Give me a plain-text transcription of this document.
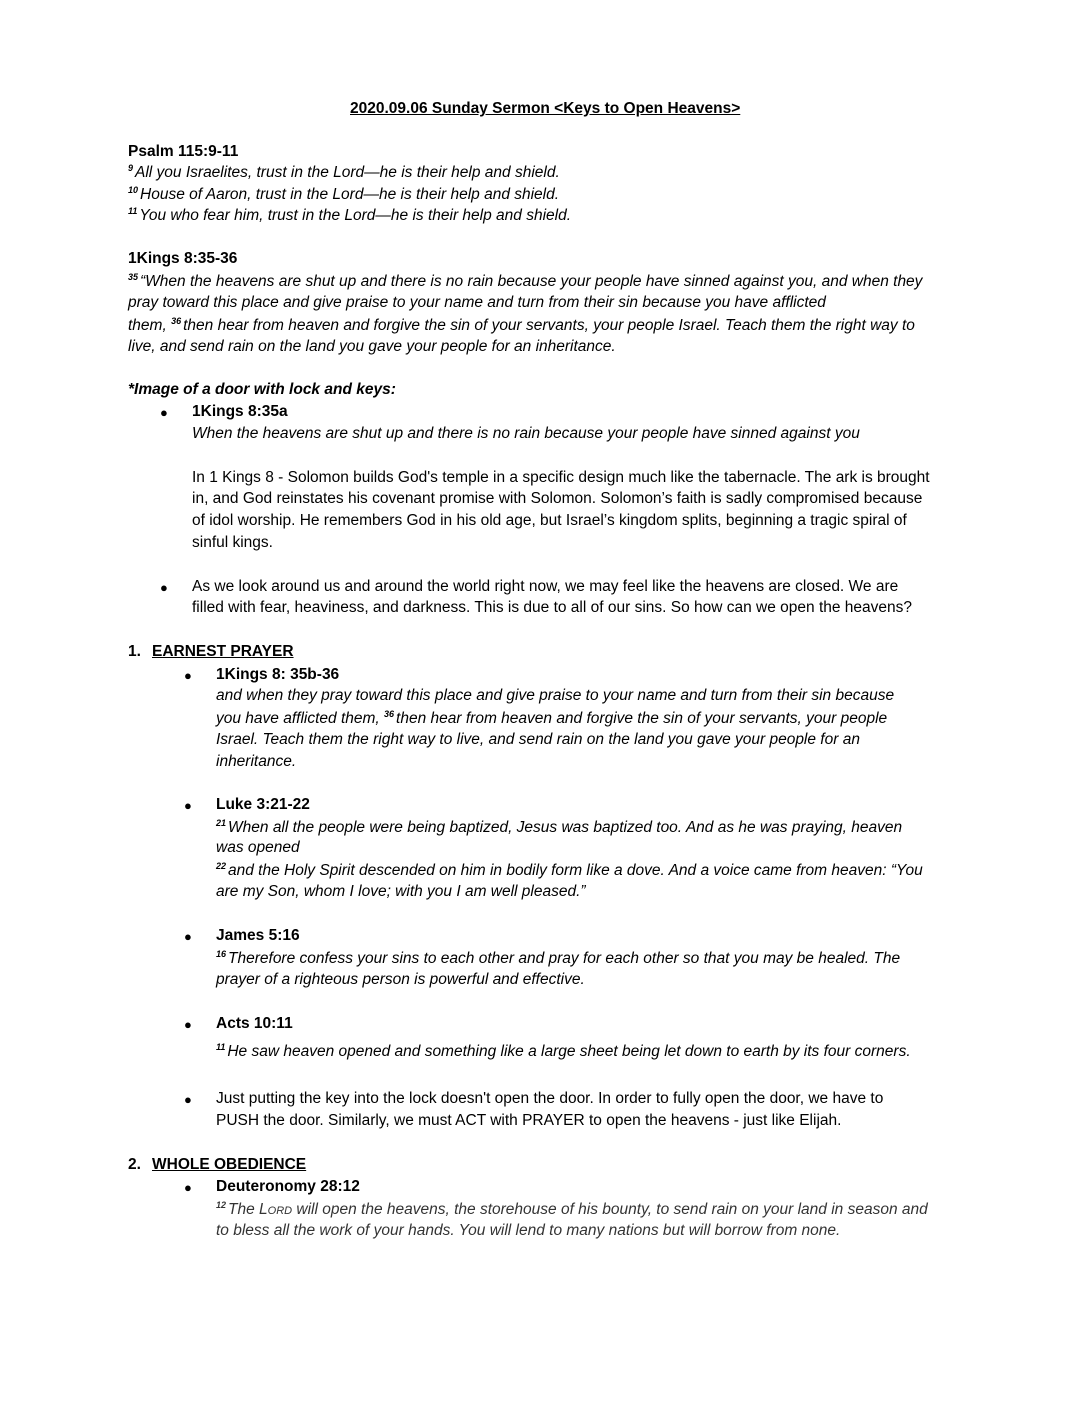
2020.09.06 Sunday Sermon <Keys to Open Heavens>
Psalm 115:9-11
$^9$ All you Israelites, trust in the Lord—he is their help and shield.
$^{10}$ House of Aaron, trust in the Lord—he is their help and shield.
$^{11}$ You who fear him, trust in the Lord—he is their help and shield.
1Kings 8:35-36
$^{35}$ “When the heavens are shut up and there is no rain because your people have sinned against you, and when they
pray toward this place and give praise to your name and turn from their sin because you have afflicted
them, $^{36}$ then hear from heaven and forgive the sin of your servants, your people Israel. Teach them the right way to
live, and send rain on the land you gave your people for an inheritance.
*Image of a door with lock and keys:
● 1Kings 8:35a
When the heavens are shut up and there is no rain because your people have sinned against you
In 1 Kings 8 - Solomon builds God's temple in a specific design much like the tabernacle. The ark is brought
in, and God reinstates his covenant promise with Solomon. Solomon’s faith is sadly compromised because
of idol worship. He remembers God in his old age, but Israel’s kingdom splits, beginning a tragic spiral of
sinful kings.
● As we look around us and around the world right now, we may feel like the heavens are closed. We are
filled with fear, heaviness, and darkness. This is due to all of our sins. So how can we open the heavens?
1. EARNEST PRAYER
● 1Kings 8: 35b-36
and when they pray toward this place and give praise to your name and turn from their sin because
you have afflicted them, $^{36}$ then hear from heaven and forgive the sin of your servants, your people
Israel. Teach them the right way to live, and send rain on the land you gave your people for an
inheritance.
● Luke 3:21-22
$^{21}$ When all the people were being baptized, Jesus was baptized too. And as he was praying, heaven
was opened
$^{22}$ and the Holy Spirit descended on him in bodily form like a dove. And a voice came from heaven: “You
are my Son, whom I love; with you I am well pleased.”
● James 5:16
$^{16}$ Therefore confess your sins to each other and pray for each other so that you may be healed. The
prayer of a righteous person is powerful and effective.
● Acts 10:11
$^{11}$ He saw heaven opened and something like a large sheet being let down to earth by its four corners.
● Just putting the key into the lock doesn't open the door. In order to fully open the door, we have to
PUSH the door. Similarly, we must ACT with PRAYER to open the heavens - just like Elijah.
2. WHOLE OBEDIENCE
● Deuteronomy 28:12
$^{12}$ The Lord will open the heavens, the storehouse of his bounty, to send rain on your land in season and
to bless all the work of your hands. You will lend to many nations but will borrow from none.
